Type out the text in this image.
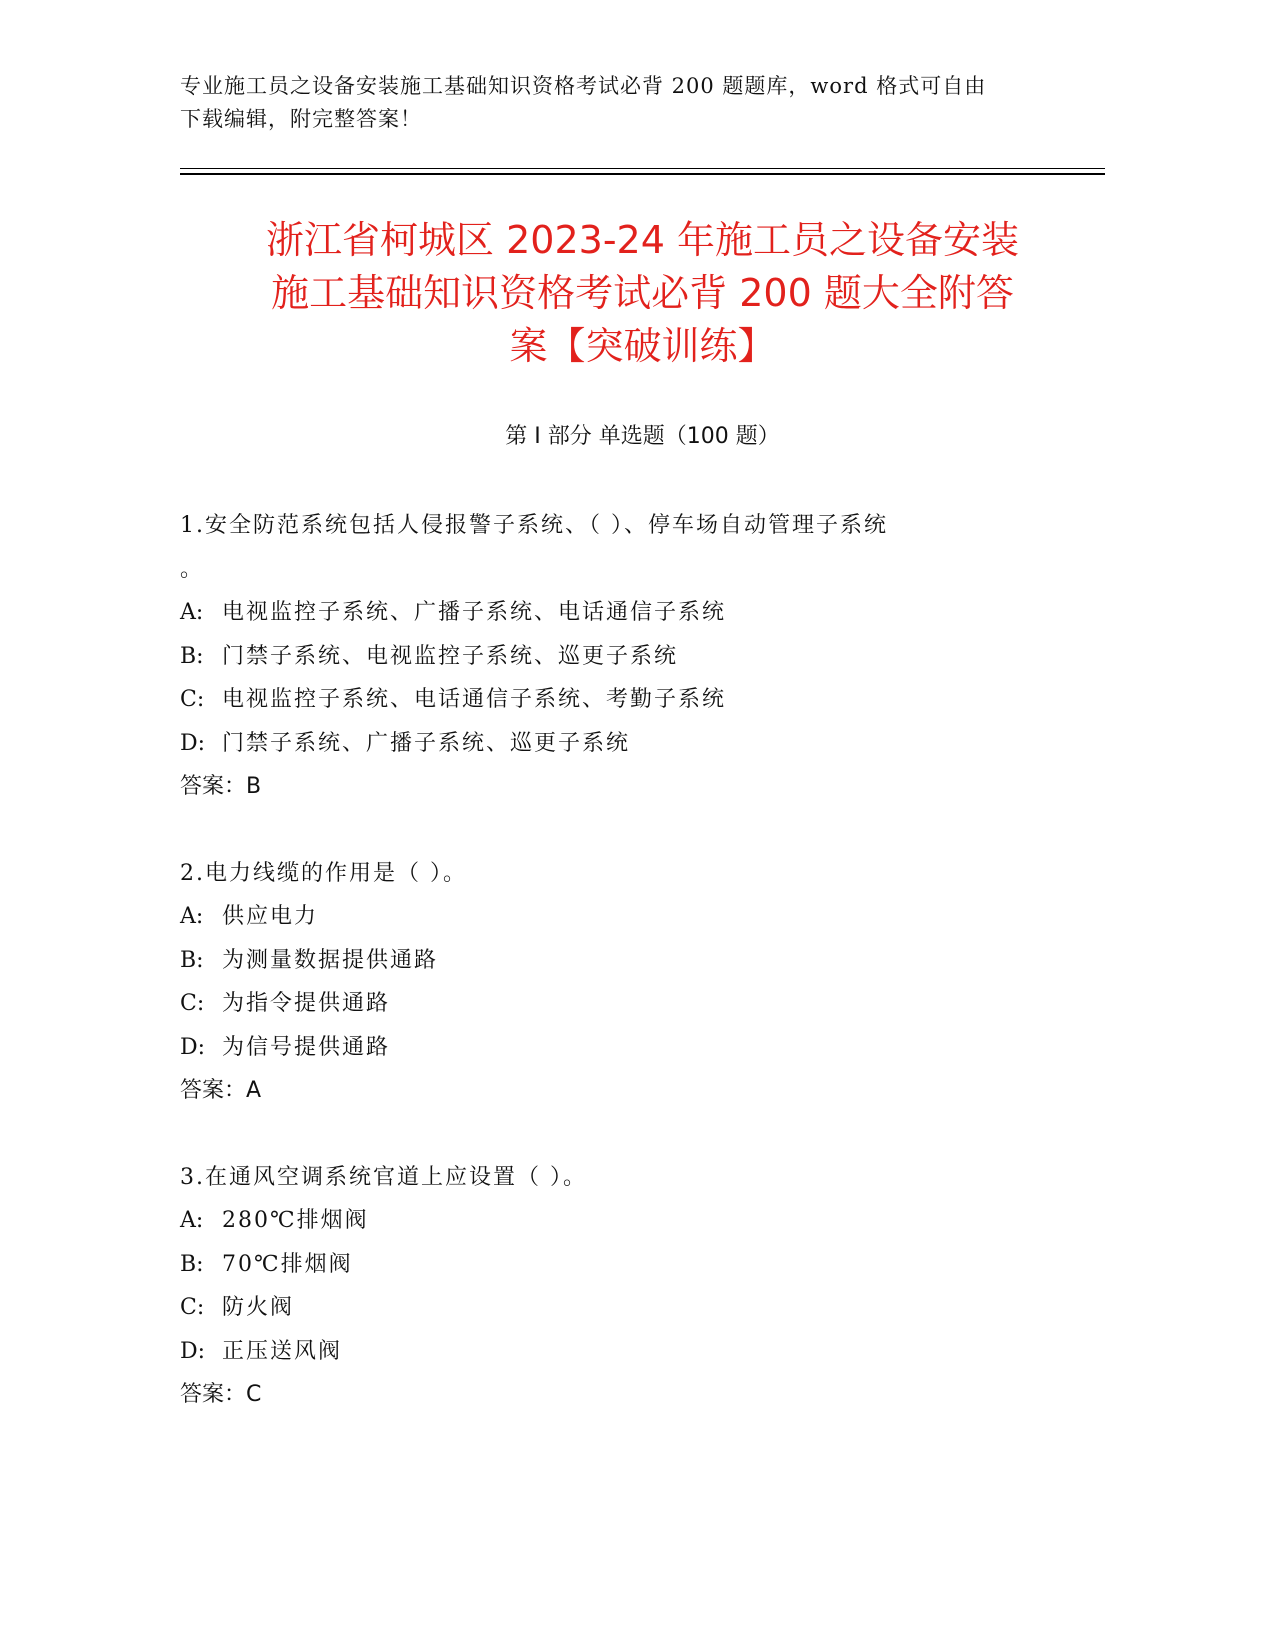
专业施工员之设备安装施工基础知识资格考试必背 200 题题库，word 格式可自由
下载编辑，附完整答案！
浙江省柯城区 2023-24 年施工员之设备安装
施工基础知识资格考试必背 200 题大全附答
案【突破训练】
第 I 部分 单选题（100 题）
1.安全防范系统包括人侵报警子系统、（ ）、停车场自动管理子系统
。
A: 电视监控子系统、广播子系统、电话通信子系统
B: 门禁子系统、电视监控子系统、巡更子系统
C: 电视监控子系统、电话通信子系统、考勤子系统
D: 门禁子系统、广播子系统、巡更子系统
答案：B
2.电力线缆的作用是（ ）。
A: 供应电力
B: 为测量数据提供通路
C: 为指令提供通路
D: 为信号提供通路
答案：A
3.在通风空调系统官道上应设置（ ）。
A: 280℃排烟阀
B: 70℃排烟阀
C: 防火阀
D: 正压送风阀
答案：C
